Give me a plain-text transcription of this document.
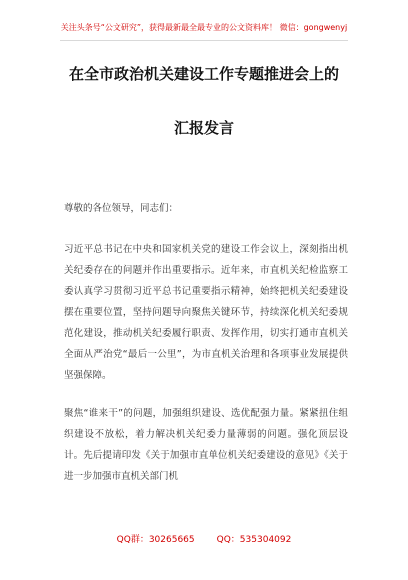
关注头条号“公文研究”，获得最新最全最专业的公文资料库！ 微信：gongwenyj
在全市政治机关建设工作专题推进会上的
汇报发言

尊敬的各位领导，同志们：

习近平总书记在中央和国家机关党的建设工作会议上，深刻指出机关纪委存在的问题并作出重要指示。近年来，市直机关纪检监察工委认真学习贯彻习近平总书记重要指示精神，始终把机关纪委建设摆在重要位置，坚持问题导向聚焦关键环节，持续深化机关纪委规范化建设，推动机关纪委履行职责、发挥作用，切实打通市直机关全面从严治党“最后一公里”，为市直机关治理和各项事业发展提供坚强保障。

聚焦“谁来干”的问题，加强组织建设、选优配强力量。紧紧扭住组织建设不放松，着力解决机关纪委力量薄弱的问题。强化顶层设计。先后提请印发《关于加强市直单位机关纪委建设的意见》《关于进一步加强市直机关部门机

QQ群：30265665 QQ：535304092
